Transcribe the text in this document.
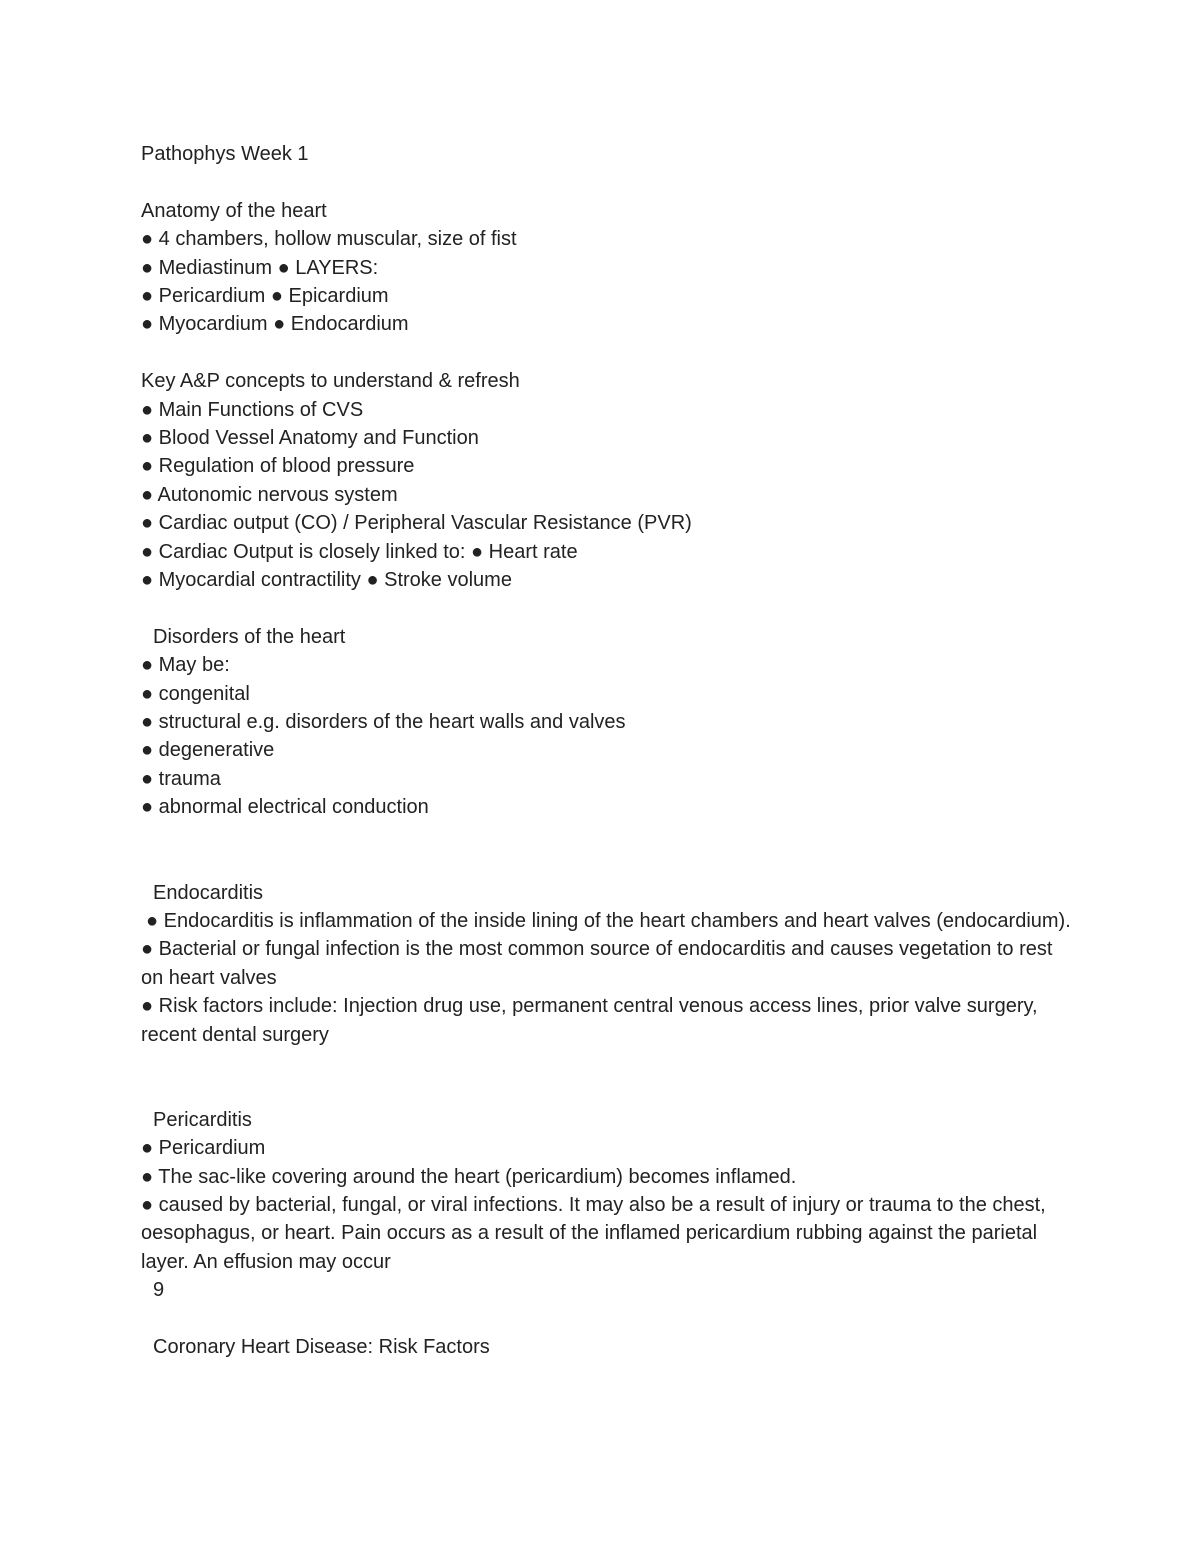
Pathophys Week 1

Anatomy of the heart

● 4 chambers, hollow muscular, size of fist

● Mediastinum ● LAYERS:

● Pericardium ● Epicardium

● Myocardium ● Endocardium

Key A&P concepts to understand & refresh

● Main Functions of CVS

● Blood Vessel Anatomy and Function

● Regulation of blood pressure

● Autonomic nervous system

● Cardiac output (CO) / Peripheral Vascular Resistance (PVR)

● Cardiac Output is closely linked to: ● Heart rate

● Myocardial contractility ● Stroke volume

Disorders of the heart

● May be:

● congenital

● structural e.g. disorders of the heart walls and valves

● degenerative

● trauma

● abnormal electrical conduction

Endocarditis

● Endocarditis is inflammation of the inside lining of the heart chambers and heart valves (endocardium).

● Bacterial or fungal infection is the most common source of endocarditis and causes vegetation to rest on heart valves

● Risk factors include: Injection drug use, permanent central venous access lines, prior valve surgery, recent dental surgery

Pericarditis

● Pericardium

● The sac-like covering around the heart (pericardium) becomes inflamed.

● caused by bacterial, fungal, or viral infections. It may also be a result of injury or trauma to the chest, oesophagus, or heart. Pain occurs as a result of the inflamed pericardium rubbing against the parietal layer. An effusion may occur

9

Coronary Heart Disease: Risk Factors
